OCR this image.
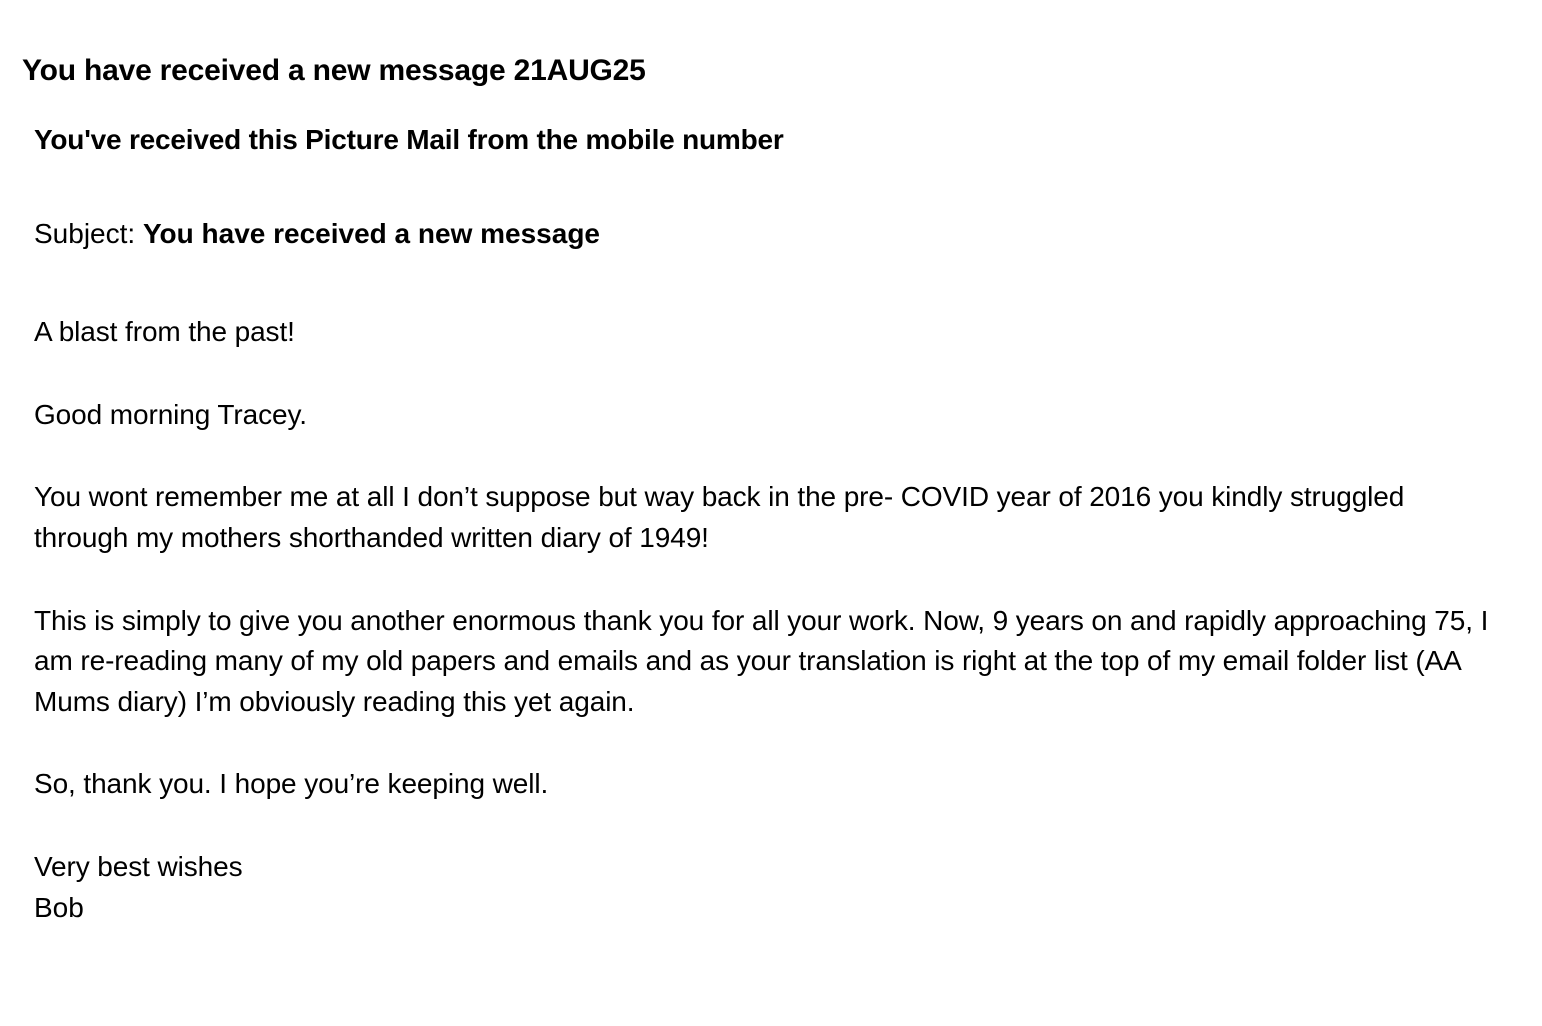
You have received a new message 21AUG25
You've received this Picture Mail from the mobile number
Subject: You have received a new message

A blast from the past!

Good morning Tracey.

You wont remember me at all I don’t suppose but way back in the pre- COVID year of 2016 you kindly struggled through my mothers shorthanded written diary of 1949!

This is simply to give you another enormous thank you for all your work. Now, 9 years on and rapidly approaching 75, I am re-reading many of my old papers and emails and as your translation is right at the top of my email folder list (AA Mums diary) I’m obviously reading this yet again.

So, thank you. I hope you’re keeping well.

Very best wishes

Bob
